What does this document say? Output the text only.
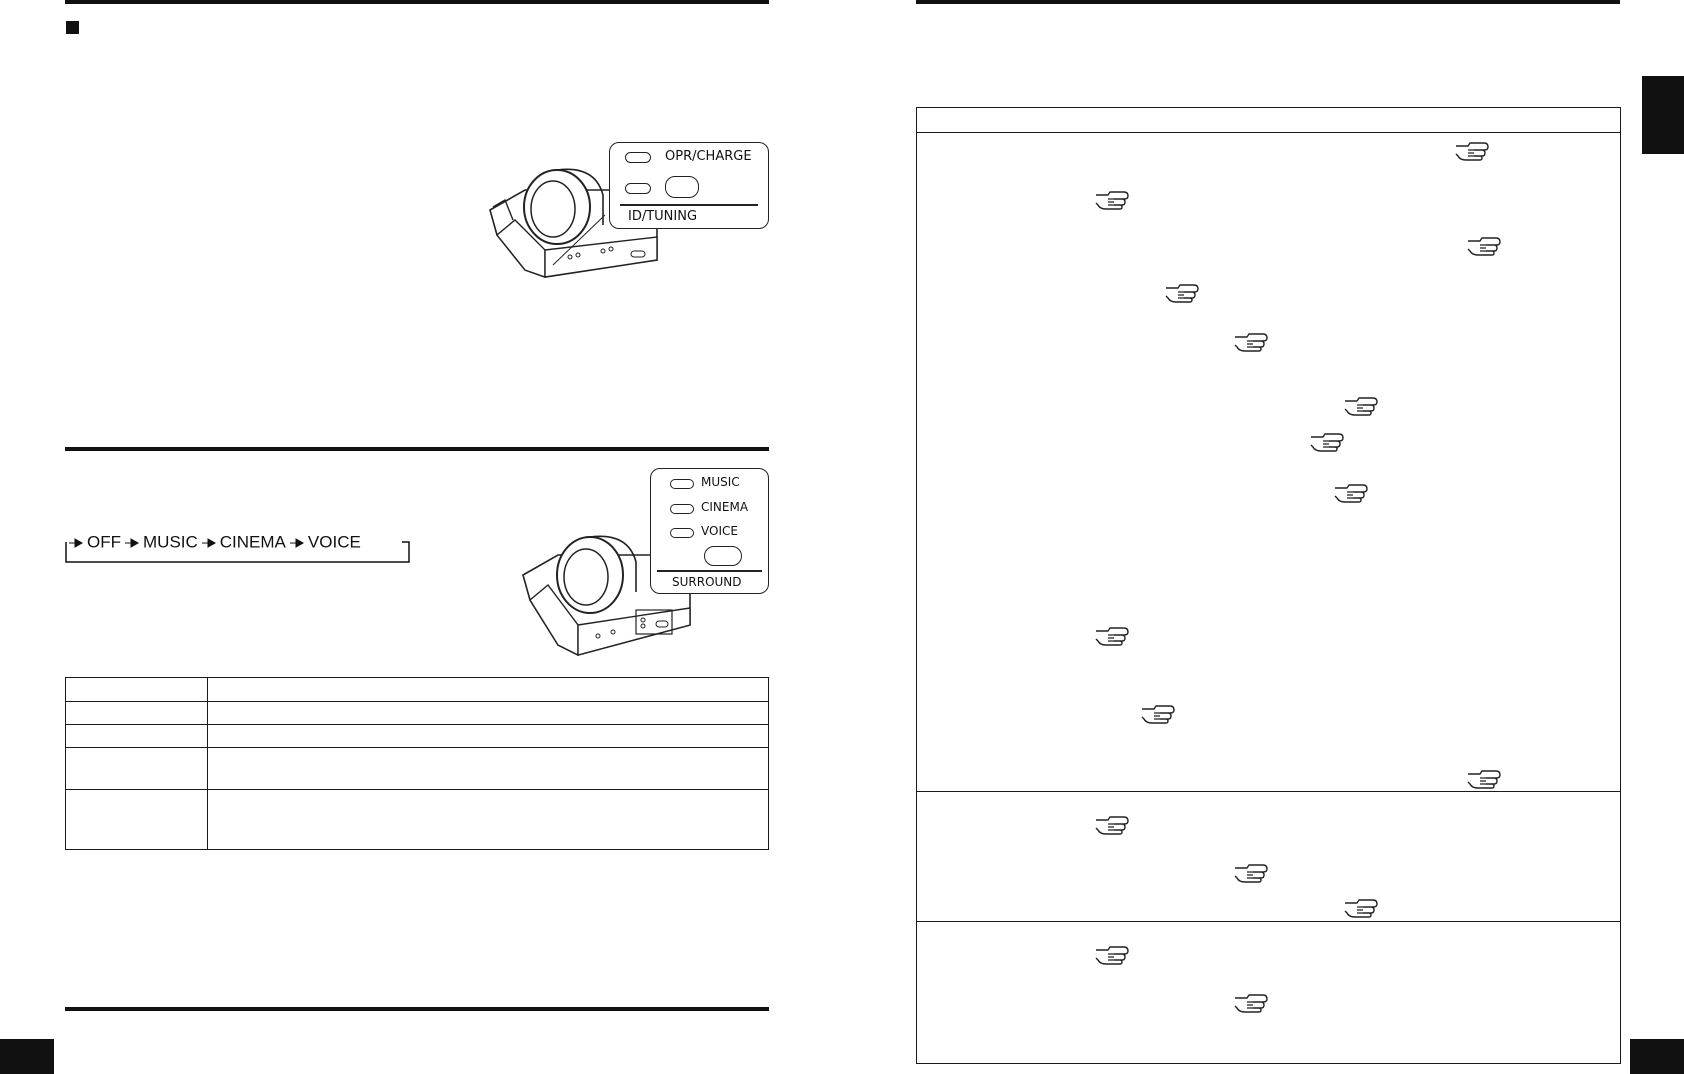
OPR/CHARGE
ID/TUNING
OFF MUSIC CINEMA VOICE
MUSIC
CINEMA
VOICE
SURROUND
